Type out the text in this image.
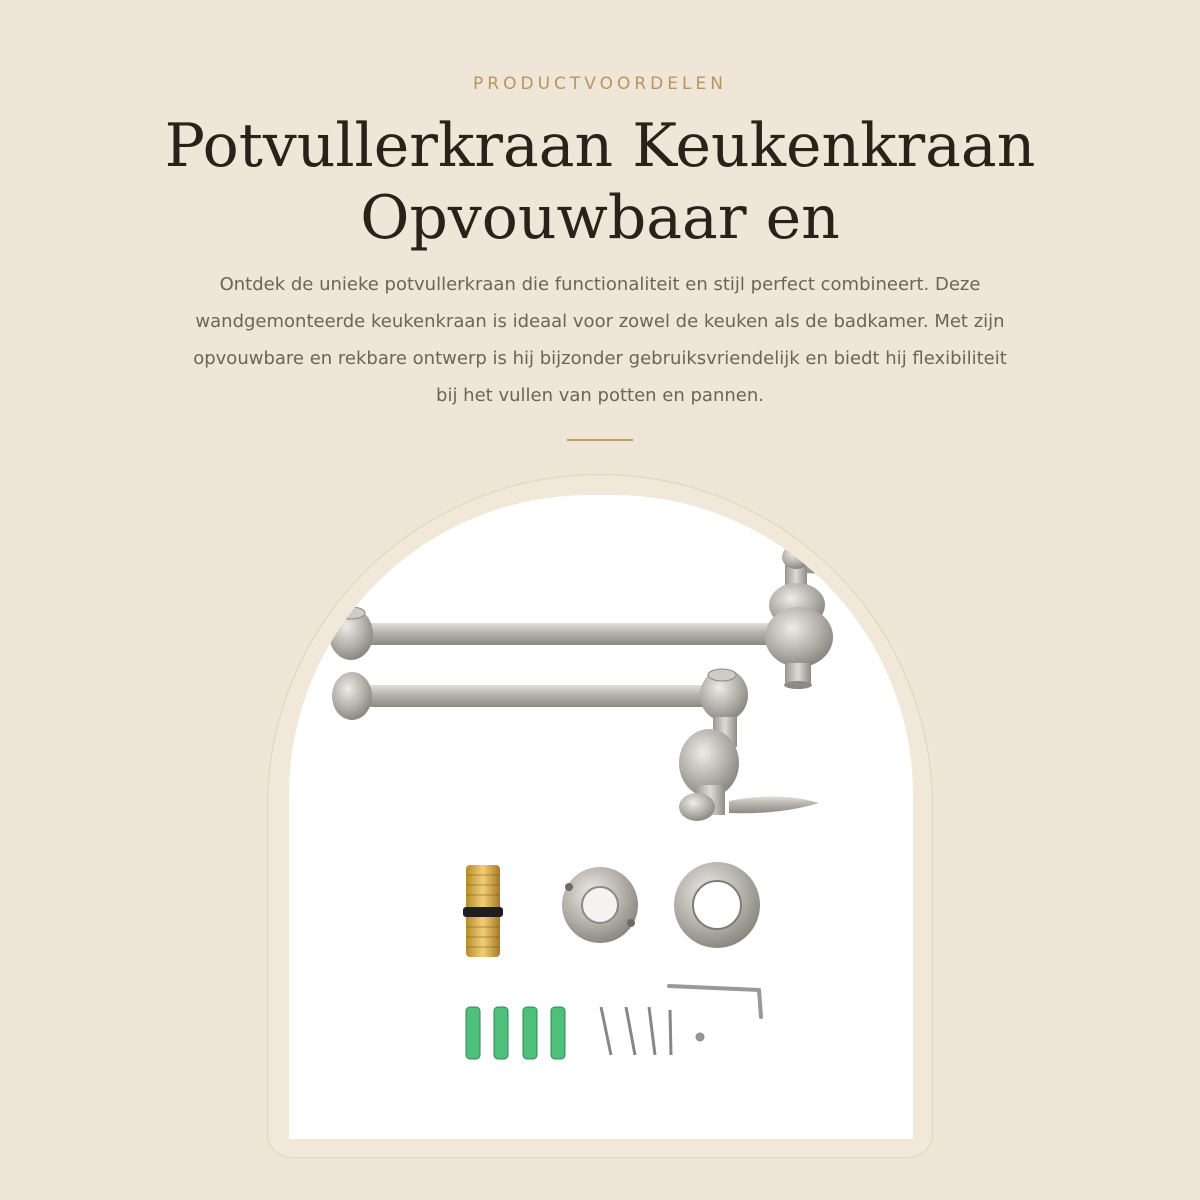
PRODUCTVOORDELEN
Potvullerkraan Keukenkraan Opvouwbaar en

Ontdek de unieke potvullerkraan die functionaliteit en stijl perfect combineert. Deze wandgemonteerde keukenkraan is ideaal voor zowel de keuken als de badkamer. Met zijn opvouwbare en rekbare ontwerp is hij bijzonder gebruiksvriendelijk en biedt hij flexibiliteit bij het vullen van potten en pannen.
